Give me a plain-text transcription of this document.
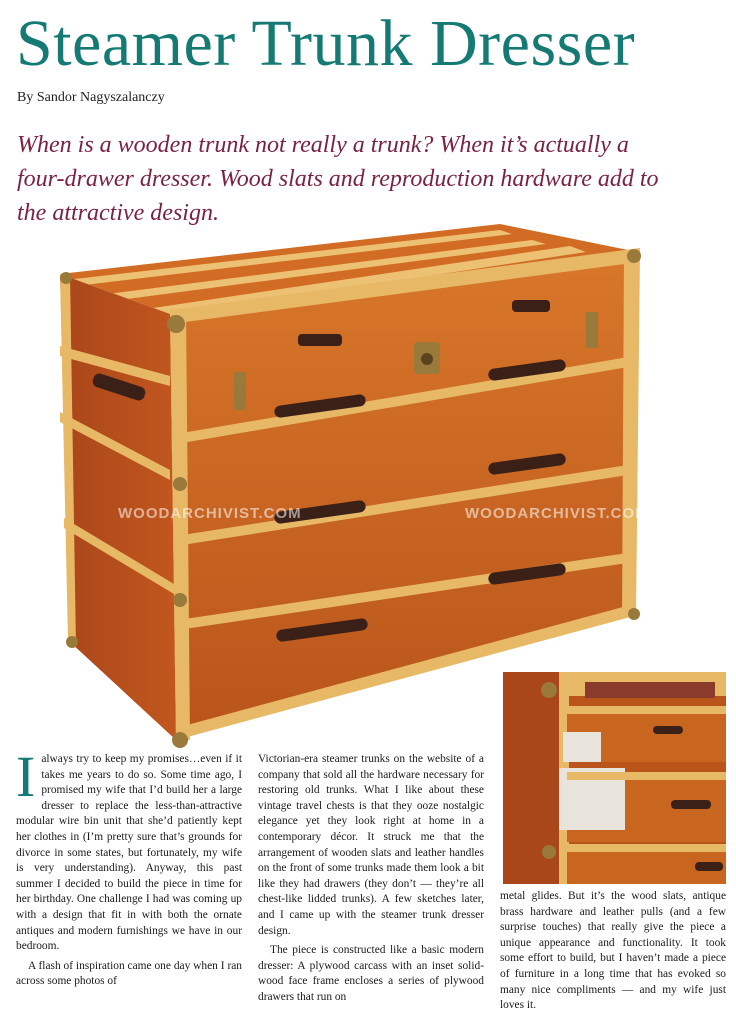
Steamer Trunk Dresser
By Sandor Nagyszalanczy
When is a wooden trunk not really a trunk? When it’s actually a four-drawer dresser. Wood slats and reproduction hardware add to the attractive design.
WOODARCHIVIST.COM	WOODARCHIVIST.COM

Ialways try to keep my promises…even if it takes me years to do so. Some time ago, I promised my wife that I’d build her a large dresser to replace the less-than-attractive modular wire bin unit that she’d patiently kept her clothes in (I’m pretty sure that’s grounds for divorce in some states, but fortunately, my wife is very understanding). Anyway, this past summer I decided to build the piece in time for her birthday. One challenge I had was coming up with a design that fit in with both the ornate antiques and modern furnishings we have in our bedroom.

A flash of inspiration came one day when I ran across some photos of

Victorian-era steamer trunks on the website of a company that sold all the hardware necessary for restoring old trunks. What I like about these vintage travel chests is that they ooze nostalgic elegance yet they look right at home in a contemporary décor. It struck me that the arrangement of wooden slats and leather handles on the front of some trunks made them look a bit like they had drawers (they don’t — they’re all chest-like lidded trunks). A few sketches later, and I came up with the steamer trunk dresser design.

The piece is constructed like a basic modern dresser: A plywood carcass with an inset solid-wood face frame encloses a series of plywood drawers that run on

metal glides. But it’s the wood slats, antique brass hardware and leather pulls (and a few surprise touches) that really give the piece a unique appearance and functionality. It took some effort to build, but I haven’t made a piece of furniture in a long time that has evoked so many nice compliments — and my wife just loves it.
